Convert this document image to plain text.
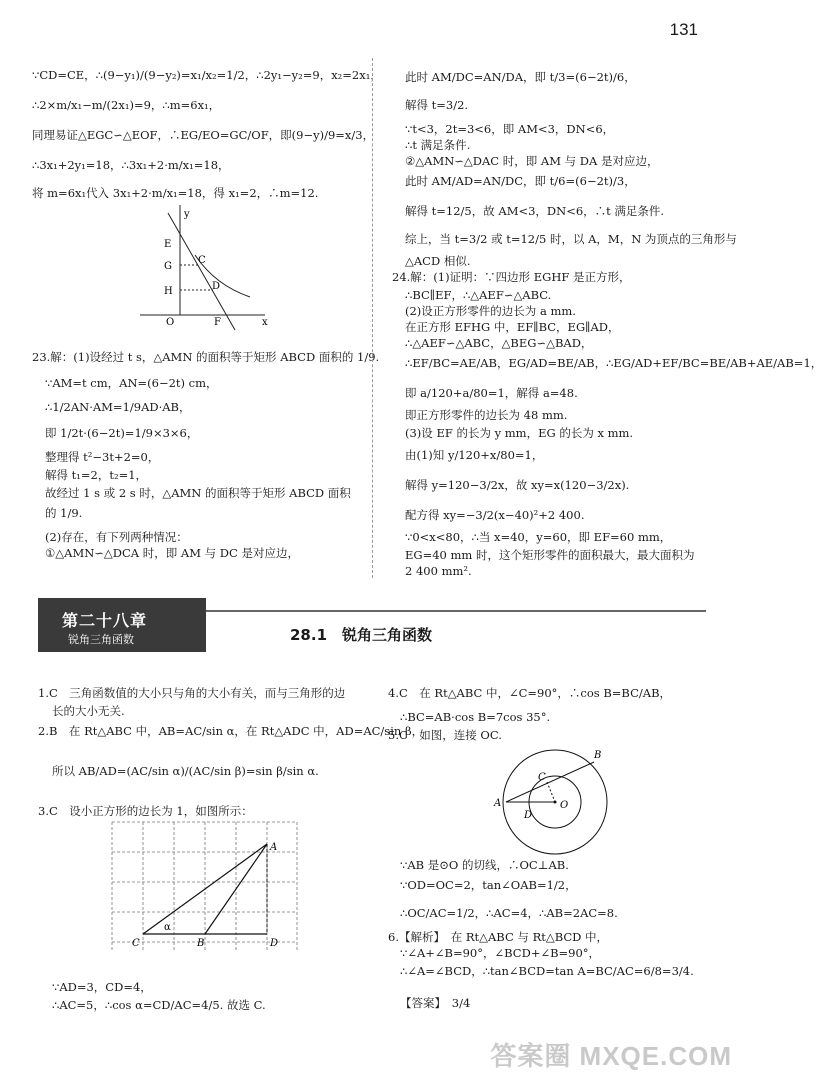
131
∵CD=CE，∴(9−y₁)/(9−y₂)=x₁/x₂=1/2，∴2y₁−y₂=9，x₂=2x₁，
∴2×m/x₁−m/(2x₁)=9，∴m=6x₁，
同理易证△EGC∽△EOF，∴EG/EO=GC/OF，即(9−y)/9=x/3，
∴3x₁+2y₁=18，∴3x₁+2·m/x₁=18，
将 m=6x₁代入 3x₁+2·m/x₁=18，得 x₁=2，∴m=12.
23.解：(1)设经过 t s，△AMN 的面积等于矩形 ABCD 面积的 1/9.
∵AM=t cm，AN=(6−2t) cm，
∴1/2AN·AM=1/9AD·AB，
即 1/2t·(6−2t)=1/9×3×6，
整理得 t²−3t+2=0，
解得 t₁=2，t₂=1，
故经过 1 s 或 2 s 时，△AMN 的面积等于矩形 ABCD 面积
的 1/9.
(2)存在，有下列两种情况：
①△AMN∽△DCA 时，即 AM 与 DC 是对应边，
y
x
E
G
C
H	D
O	F
此时 AM/DC=AN/DA，即 t/3=(6−2t)/6，
解得 t=3/2.
∵t<3，2t=3<6，即 AM<3，DN<6，
∴t 满足条件.
②△AMN∽△DAC 时，即 AM 与 DA 是对应边，
此时 AM/AD=AN/DC，即 t/6=(6−2t)/3，
解得 t=12/5，故 AM<3，DN<6，∴t 满足条件.
综上，当 t=3/2 或 t=12/5 时，以 A，M，N 为顶点的三角形与
△ACD 相似.
24.解：(1)证明：∵四边形 EGHF 是正方形，
∴BC∥EF，∴△AEF∽△ABC.
(2)设正方形零件的边长为 a mm.
在正方形 EFHG 中，EF∥BC，EG∥AD，
∴△AEF∽△ABC，△BEG∽△BAD，
∴EF/BC=AE/AB，EG/AD=BE/AB，∴EG/AD+EF/BC=BE/AB+AE/AB=1，
即 a/120+a/80=1，解得 a=48.
即正方形零件的边长为 48 mm.
(3)设 EF 的长为 y mm，EG 的长为 x mm.
由(1)知 y/120+x/80=1，
解得 y=120−3/2x，故 xy=x(120−3/2x).
配方得 xy=−3/2(x−40)²+2 400.
∵0<x<80，∴当 x=40，y=60，即 EF=60 mm，
EG=40 mm 时，这个矩形零件的面积最大，最大面积为
2 400 mm².
第二十八章
锐角三角函数	28.1　锐角三角函数
1.C　三角函数值的大小只与角的大小有关，而与三角形的边
长的大小无关.
2.B　在 Rt△ABC 中，AB=AC/sin α，在 Rt△ADC 中，AD=AC/sin β，
所以 AB/AD=(AC/sin α)/(AC/sin β)=sin β/sin α.
3.C　设小正方形的边长为 1，如图所示：
∵AD=3，CD=4，
∴AC=5，∴cos α=CD/AC=4/5. 故选 C.
A
C	B	D
α
4.C　在 Rt△ABC 中，∠C=90°，∴cos B=BC/AB，
∴BC=AB·cos B=7cos 35°.
5.C　如图，连接 OC.
∵AB 是⊙O 的切线，∴OC⊥AB.
∵OD=OC=2，tan∠OAB=1/2，
∴OC/AC=1/2，∴AC=4，∴AB=2AC=8.
6.【解析】　在 Rt△ABC 与 Rt△BCD 中，
∵∠A+∠B=90°，∠BCD+∠B=90°，
∴∠A=∠BCD，∴tan∠BCD=tan A=BC/AC=6/8=3/4.
【答案】　3/4
A
B
C
O
D
答案圈 MXQE.COM
